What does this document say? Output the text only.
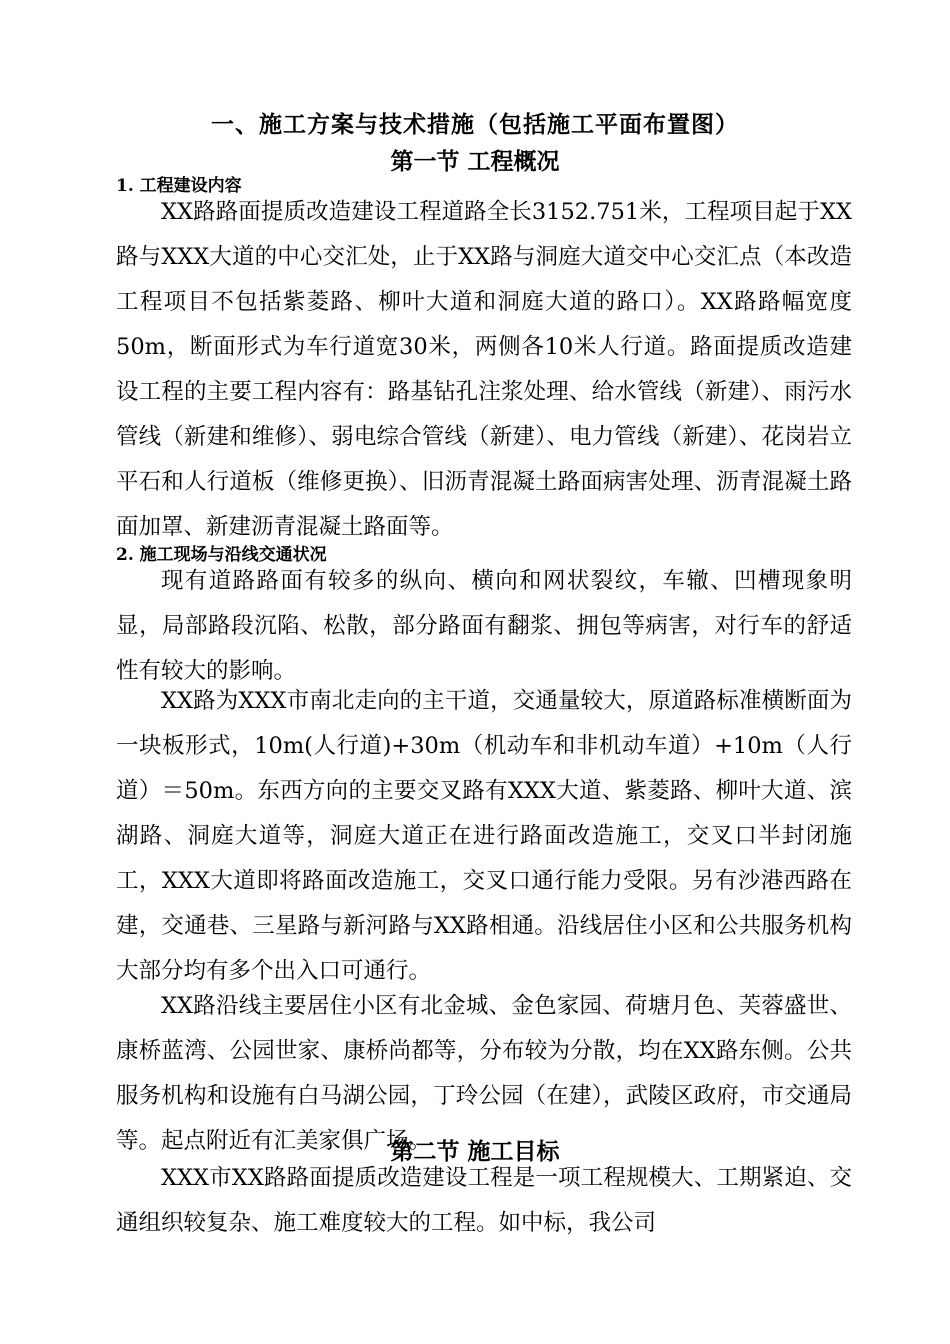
一、施工方案与技术措施（包括施工平面布置图）
第一节 工程概况
1. 工程建设内容

XX路路面提质改造建设工程道路全长3152.751米，工程项目起于XX路与XXX大道的中心交汇处，止于XX路与洞庭大道交中心交汇点（本改造工程项目不包括紫菱路、柳叶大道和洞庭大道的路口）。XX路路幅宽度50m，断面形式为车行道宽30米，两侧各10米人行道。路面提质改造建设工程的主要工程内容有：路基钻孔注浆处理、给水管线（新建）、雨污水管线（新建和维修）、弱电综合管线（新建）、电力管线（新建）、花岗岩立平石和人行道板（维修更换）、旧沥青混凝土路面病害处理、沥青混凝土路面加罩、新建沥青混凝土路面等。

2. 施工现场与沿线交通状况

现有道路路面有较多的纵向、横向和网状裂纹，车辙、凹槽现象明显，局部路段沉陷、松散，部分路面有翻浆、拥包等病害，对行车的舒适性有较大的影响。

XX路为XXX市南北走向的主干道，交通量较大，原道路标准横断面为一块板形式，10m(人行道)+30m（机动车和非机动车道）+10m（人行道）＝50m。东西方向的主要交叉路有XXX大道、紫菱路、柳叶大道、滨湖路、洞庭大道等，洞庭大道正在进行路面改造施工，交叉口半封闭施工，XXX大道即将路面改造施工，交叉口通行能力受限。另有沙港西路在建，交通巷、三星路与新河路与XX路相通。沿线居住小区和公共服务机构大部分均有多个出入口可通行。

XX路沿线主要居住小区有北金城、金色家园、荷塘月色、芙蓉盛世、康桥蓝湾、公园世家、康桥尚都等，分布较为分散，均在XX路东侧。公共服务机构和设施有白马湖公园，丁玲公园（在建），武陵区政府，市交通局等。起点附近有汇美家俱广场。

第二节 施工目标

XXX市XX路路面提质改造建设工程是一项工程规模大、工期紧迫、交通组织较复杂、施工难度较大的工程。如中标，我公司
